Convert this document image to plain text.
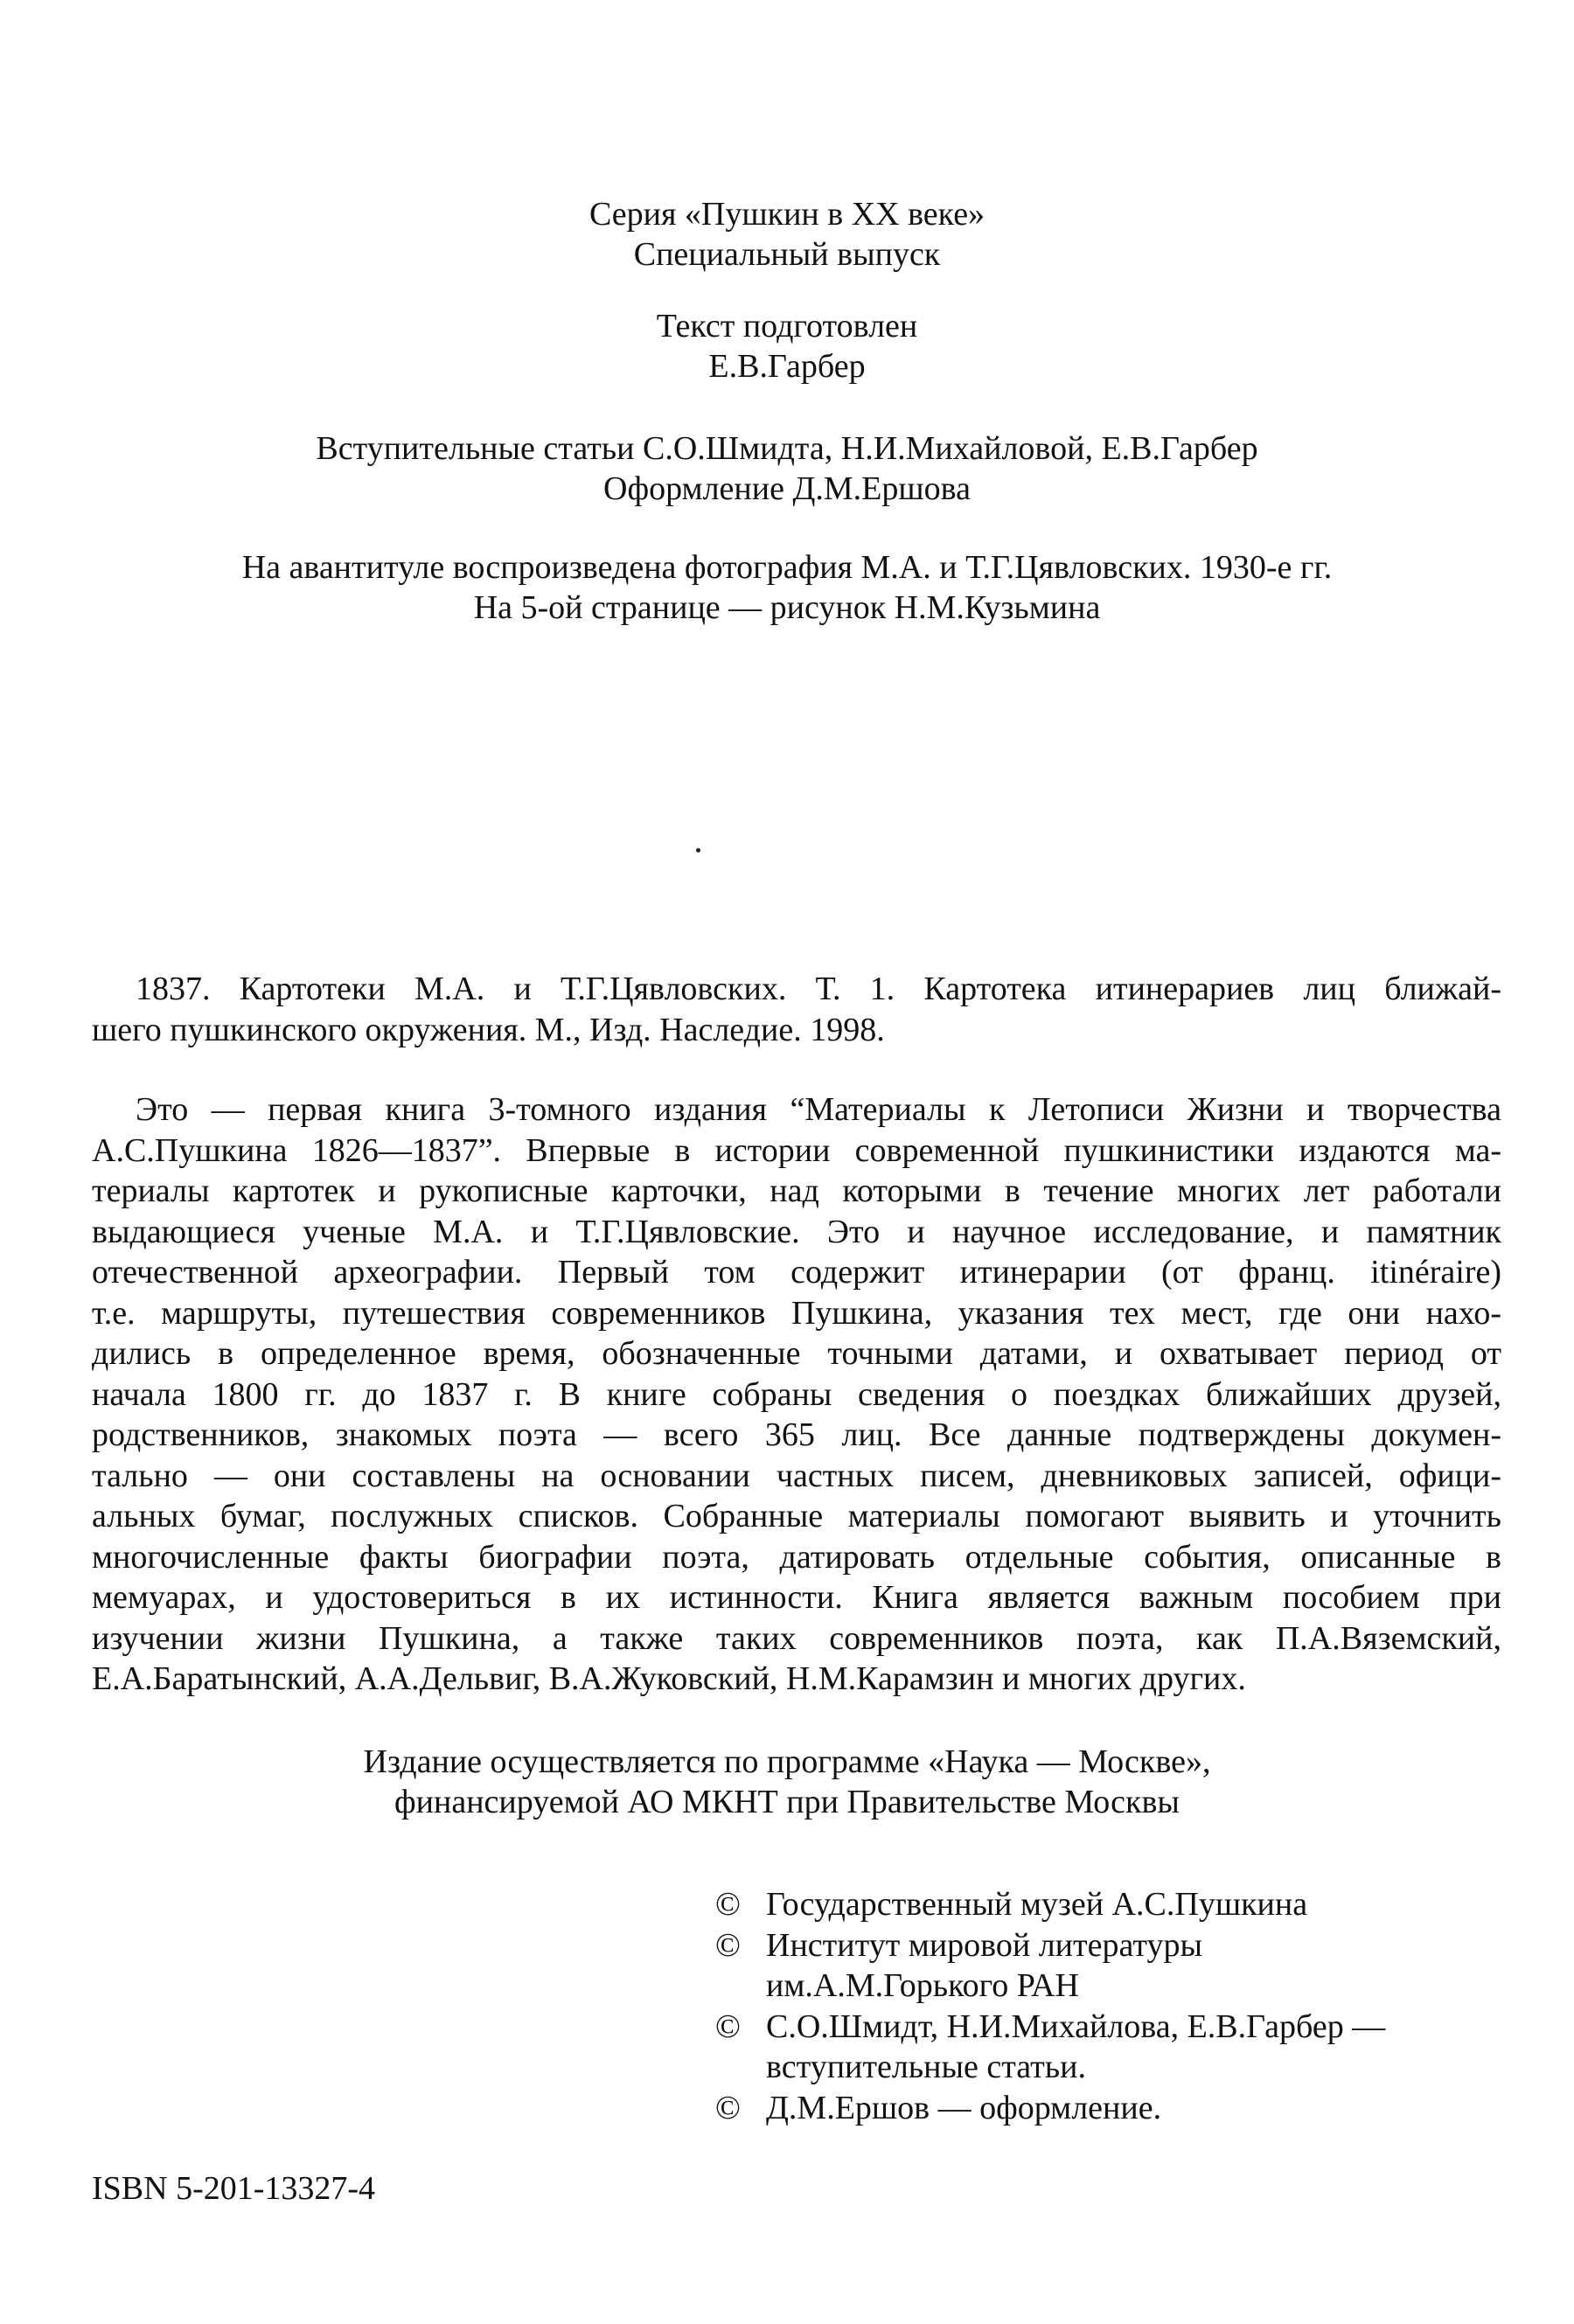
Серия «Пушкин в XX веке»

Специальный выпуск

Текст подготовлен

Е.В.Гарбер

Вступительные статьи С.О.Шмидта, Н.И.Михайловой, Е.В.Гарбер

Оформление Д.М.Ершова

На авантитуле воспроизведена фотография М.А. и Т.Г.Цявловских. 1930-е гг.

На 5-ой странице — рисунок Н.М.Кузьмина

1837. Картотеки М.А. и Т.Г.Цявловских. Т. 1. Картотека итинерариев лиц ближай-
шего пушкинского окружения. М., Изд. Наследие. 1998.
Это — первая книга 3-томного издания “Материалы к Летописи Жизни и творчества
А.С.Пушкина 1826—1837”. Впервые в истории современной пушкинистики издаются ма-
териалы картотек и рукописные карточки, над которыми в течение многих лет работали
выдающиеся ученые М.А. и Т.Г.Цявловские. Это и научное исследование, и памятник
отечественной археографии. Первый том содержит итинерарии (от франц. itinéraire)
т.е. маршруты, путешествия современников Пушкина, указания тех мест, где они нахо-
дились в определенное время, обозначенные точными датами, и охватывает период от
начала 1800 гг. до 1837 г. В книге собраны сведения о поездках ближайших друзей,
родственников, знакомых поэта — всего 365 лиц. Все данные подтверждены докумен-
тально — они составлены на основании частных писем, дневниковых записей, офици-
альных бумаг, послужных списков. Собранные материалы помогают выявить и уточнить
многочисленные факты биографии поэта, датировать отдельные события, описанные в
мемуарах, и удостовериться в их истинности. Книга является важным пособием при
изучении жизни Пушкина, а также таких современников поэта, как П.А.Вяземский,
Е.А.Баратынский, А.А.Дельвиг, В.А.Жуковский, Н.М.Карамзин и многих других.

Издание осуществляется по программе «Наука — Москве»,

финансируемой АО МКНТ при Правительстве Москвы

© Государственный музей А.С.Пушкина
© Институт мировой литературы
им.А.М.Горького РАН
© С.О.Шмидт, Н.И.Михайлова, Е.В.Гарбер —
вступительные статьи.
© Д.М.Ершов — оформление.
ISBN 5-201-13327-4
